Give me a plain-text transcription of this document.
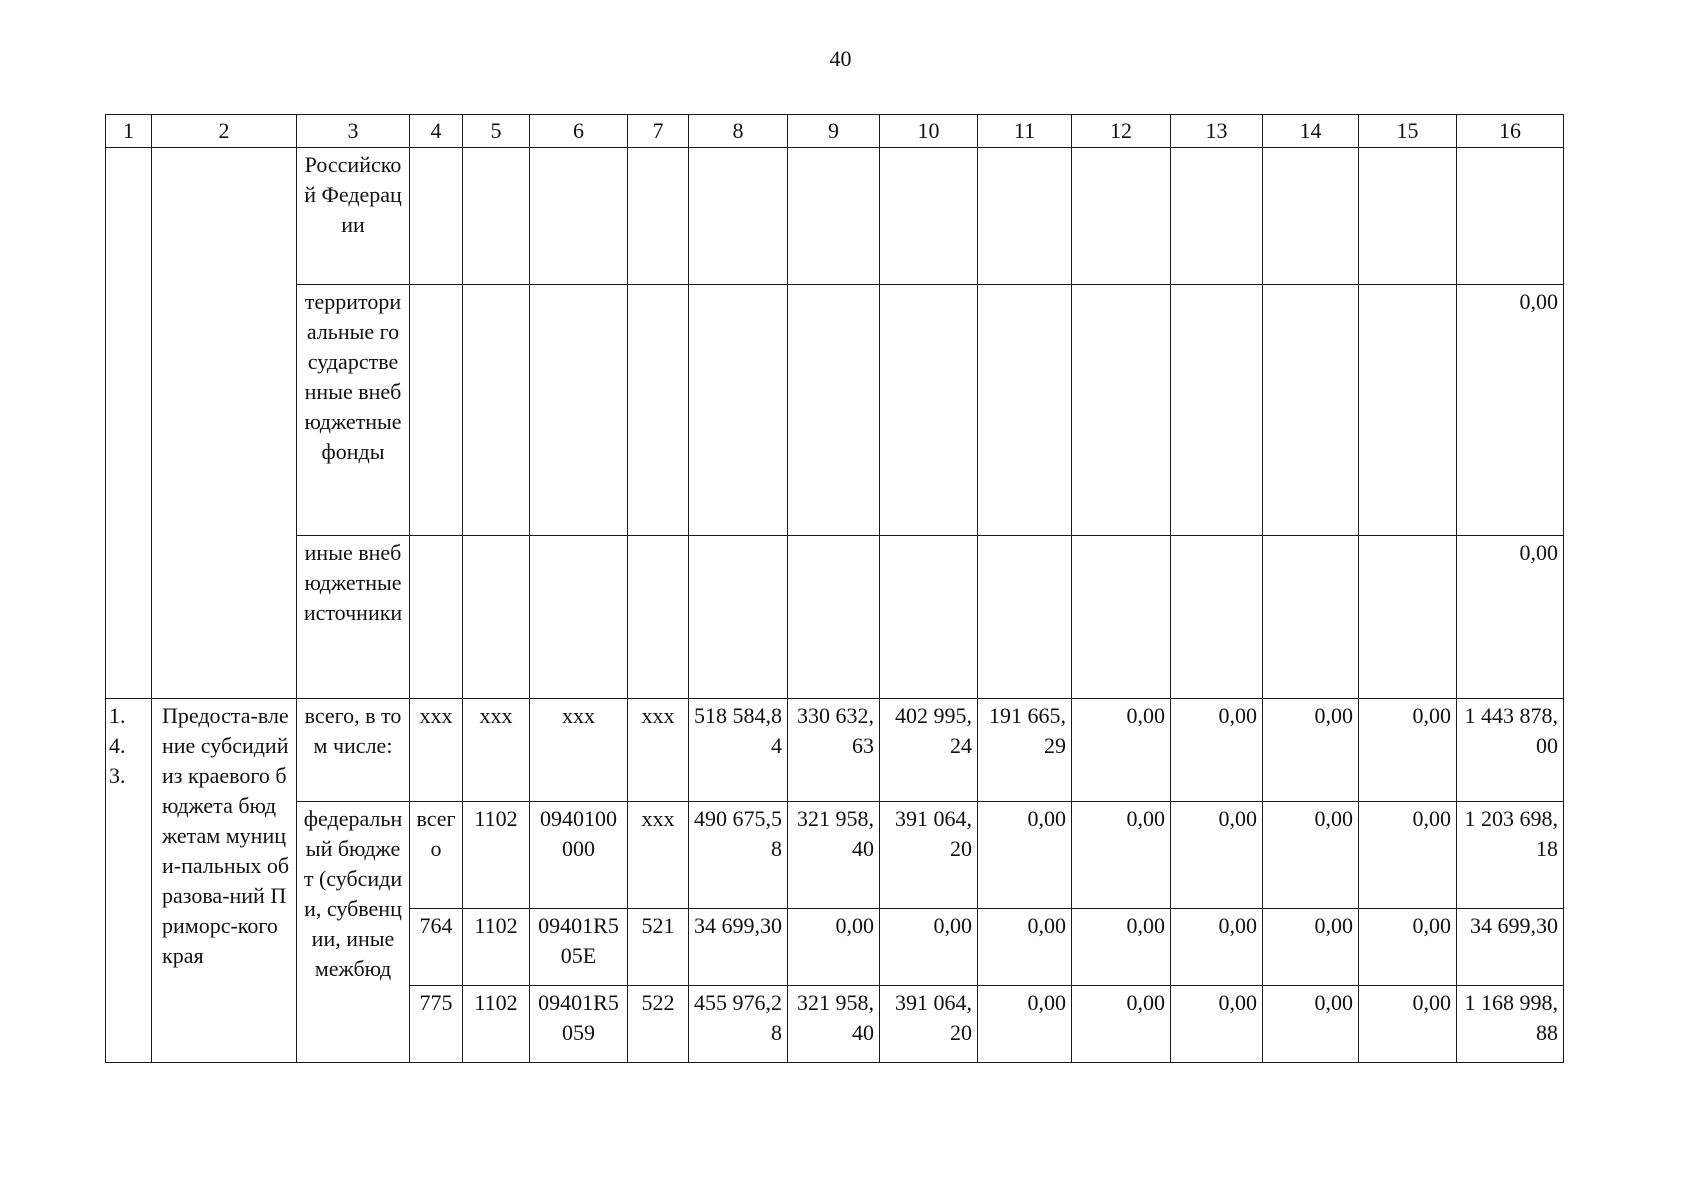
40
1	2	3	4	5	6	7	8	9	10	11	12	13	14	15	16
		Российской Федерации													
		территориальные государственные внебюджетные фонды													0,00
		иные внебюджетные источники													0,00

1.4.3.	Предоста-вление субсидий из краевого бюджета бюджетам муници-пальных образова-ний Приморс-кого края	всего, в том числе:	ххх	ххх	ххх	ххх	518 584,84	330 632,63	402 995,24	191 665,29	0,00	0,00	0,00	0,00	1 443 878,00
		федеральный бюджет (субсидии, субвенции, иные межбюд	всего	1102	0940100000	ххх	490 675,58	321 958,40	391 064,20	0,00	0,00	0,00	0,00	0,00	1 203 698,18
			764	1102	09401R505E	521	34 699,30	0,00	0,00	0,00	0,00	0,00	0,00	0,00	34 699,30
			775	1102	09401R5059	522	455 976,28	321 958,40	391 064,20	0,00	0,00	0,00	0,00	0,00	1 168 998,88
